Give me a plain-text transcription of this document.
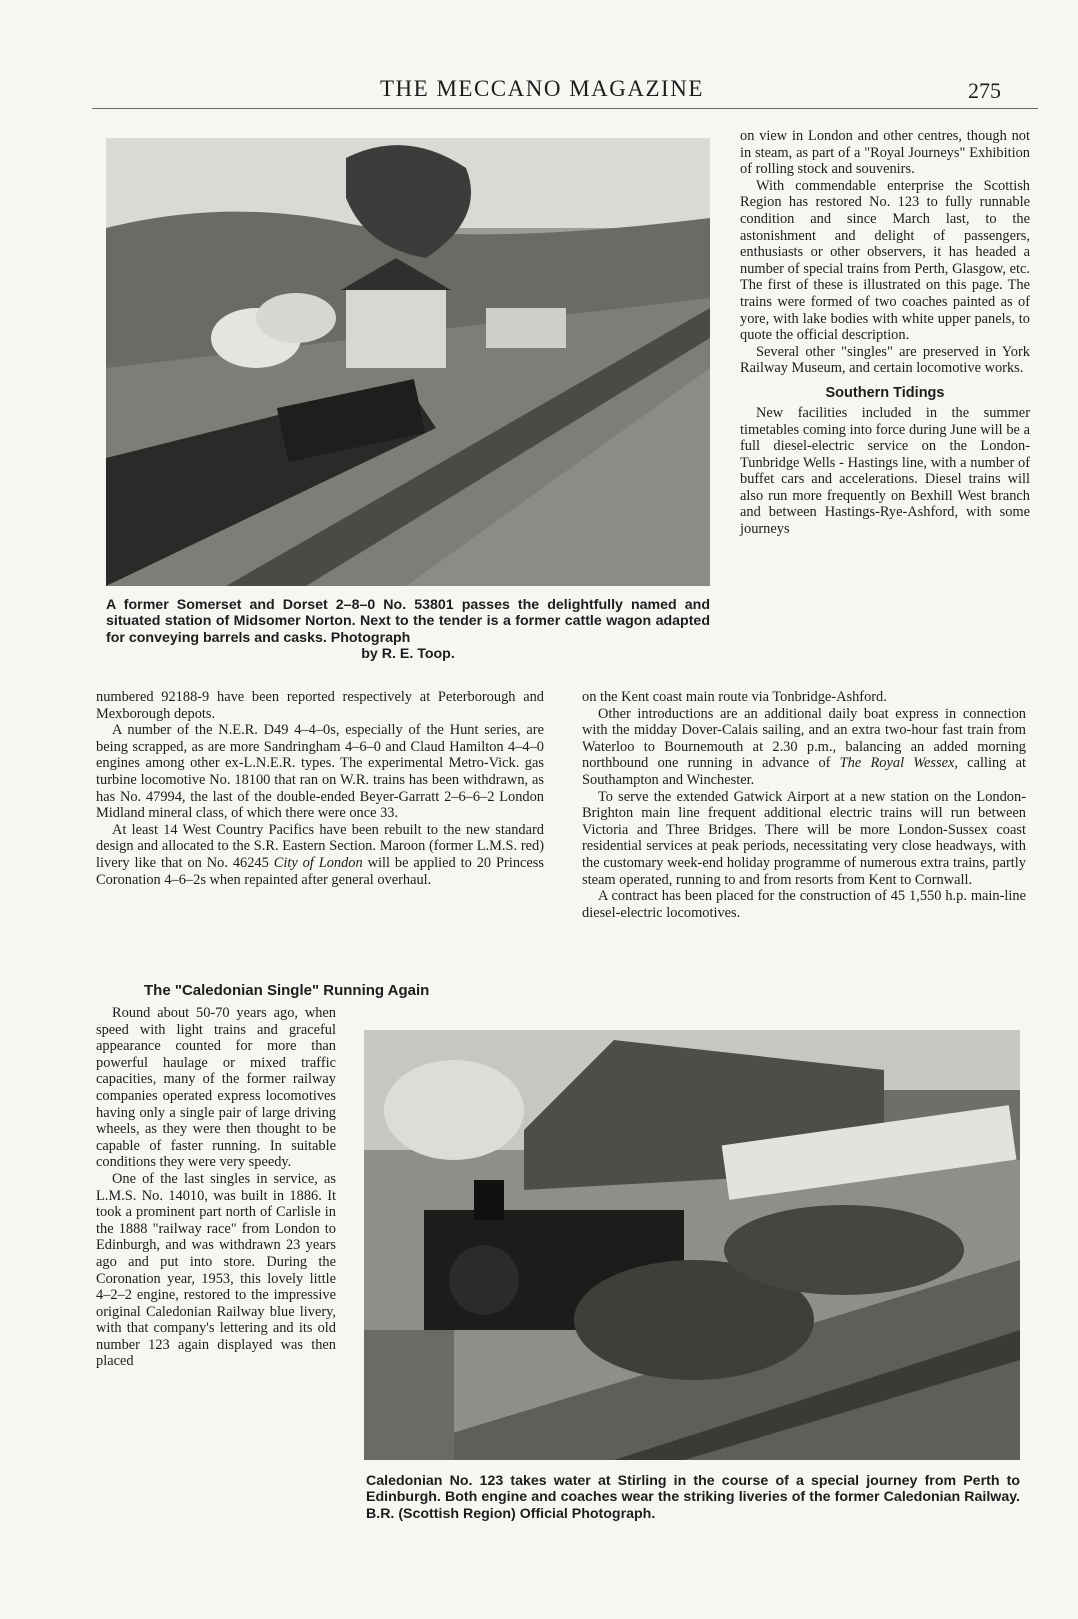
THE MECCANO MAGAZINE	275
A former Somerset and Dorset 2–8–0 No. 53801 passes the delightfully named and situated station of Midsomer Norton. Next to the tender is a former cattle wagon adapted for conveying barrels and casks. Photograph
by R. E. Toop.

on view in London and other centres, though not in steam, as part of a "Royal Journeys" Exhibition of rolling stock and souvenirs.

With commendable enterprise the Scottish Region has restored No. 123 to fully runnable condition and since March last, to the astonishment and delight of passengers, enthusiasts or other observers, it has headed a number of special trains from Perth, Glasgow, etc. The first of these is illustrated on this page. The trains were formed of two coaches painted as of yore, with lake bodies with white upper panels, to quote the official description.

Several other "singles" are preserved in York Railway Museum, and certain locomotive works.

Southern Tidings

New facilities included in the summer timetables coming into force during June will be a full diesel-electric service on the London-Tunbridge Wells - Hastings line, with a number of buffet cars and accelerations. Diesel trains will also run more frequently on Bexhill West branch and between Hastings-Rye-Ashford, with some journeys

numbered 92188-9 have been reported respectively at Peterborough and Mexborough depots.

A number of the N.E.R. D49 4–4–0s, especially of the Hunt series, are being scrapped, as are more Sandringham 4–6–0 and Claud Hamilton 4–4–0 engines among other ex-L.N.E.R. types. The experimental Metro-Vick. gas turbine locomotive No. 18100 that ran on W.R. trains has been withdrawn, as has No. 47994, the last of the double-ended Beyer-Garratt 2–6–6–2 London Midland mineral class, of which there were once 33.

At least 14 West Country Pacifics have been rebuilt to the new standard design and allocated to the S.R. Eastern Section. Maroon (former L.M.S. red) livery like that on No. 46245 City of London will be applied to 20 Princess Coronation 4–6–2s when repainted after general overhaul.

on the Kent coast main route via Tonbridge-Ashford.

Other introductions are an additional daily boat express in connection with the midday Dover-Calais sailing, and an extra two-hour fast train from Waterloo to Bournemouth at 2.30 p.m., balancing an added morning northbound one running in advance of The Royal Wessex, calling at Southampton and Winchester.

To serve the extended Gatwick Airport at a new station on the London-Brighton main line frequent additional electric trains will run between Victoria and Three Bridges. There will be more London-Sussex coast residential services at peak periods, necessitating very close headways, with the customary week-end holiday programme of numerous extra trains, partly steam operated, running to and from resorts from Kent to Cornwall.

A contract has been placed for the construction of 45 1,550 h.p. main-line diesel-electric locomotives.

The "Caledonian Single" Running Again

Round about 50-70 years ago, when speed with light trains and graceful appearance counted for more than powerful haulage or mixed traffic capacities, many of the former railway companies operated express locomotives having only a single pair of large driving wheels, as they were then thought to be capable of faster running. In suitable conditions they were very speedy.

One of the last singles in service, as L.M.S. No. 14010, was built in 1886. It took a prominent part north of Carlisle in the 1888 "railway race" from London to Edinburgh, and was withdrawn 23 years ago and put into store. During the Coronation year, 1953, this lovely little 4–2–2 engine, restored to the impressive original Caledonian Railway blue livery, with that company's lettering and its old number 123 again displayed was then placed

Caledonian No. 123 takes water at Stirling in the course of a special journey from Perth to Edinburgh. Both engine and coaches wear the striking liveries of the former Caledonian Railway. B.R. (Scottish Region) Official Photograph.
